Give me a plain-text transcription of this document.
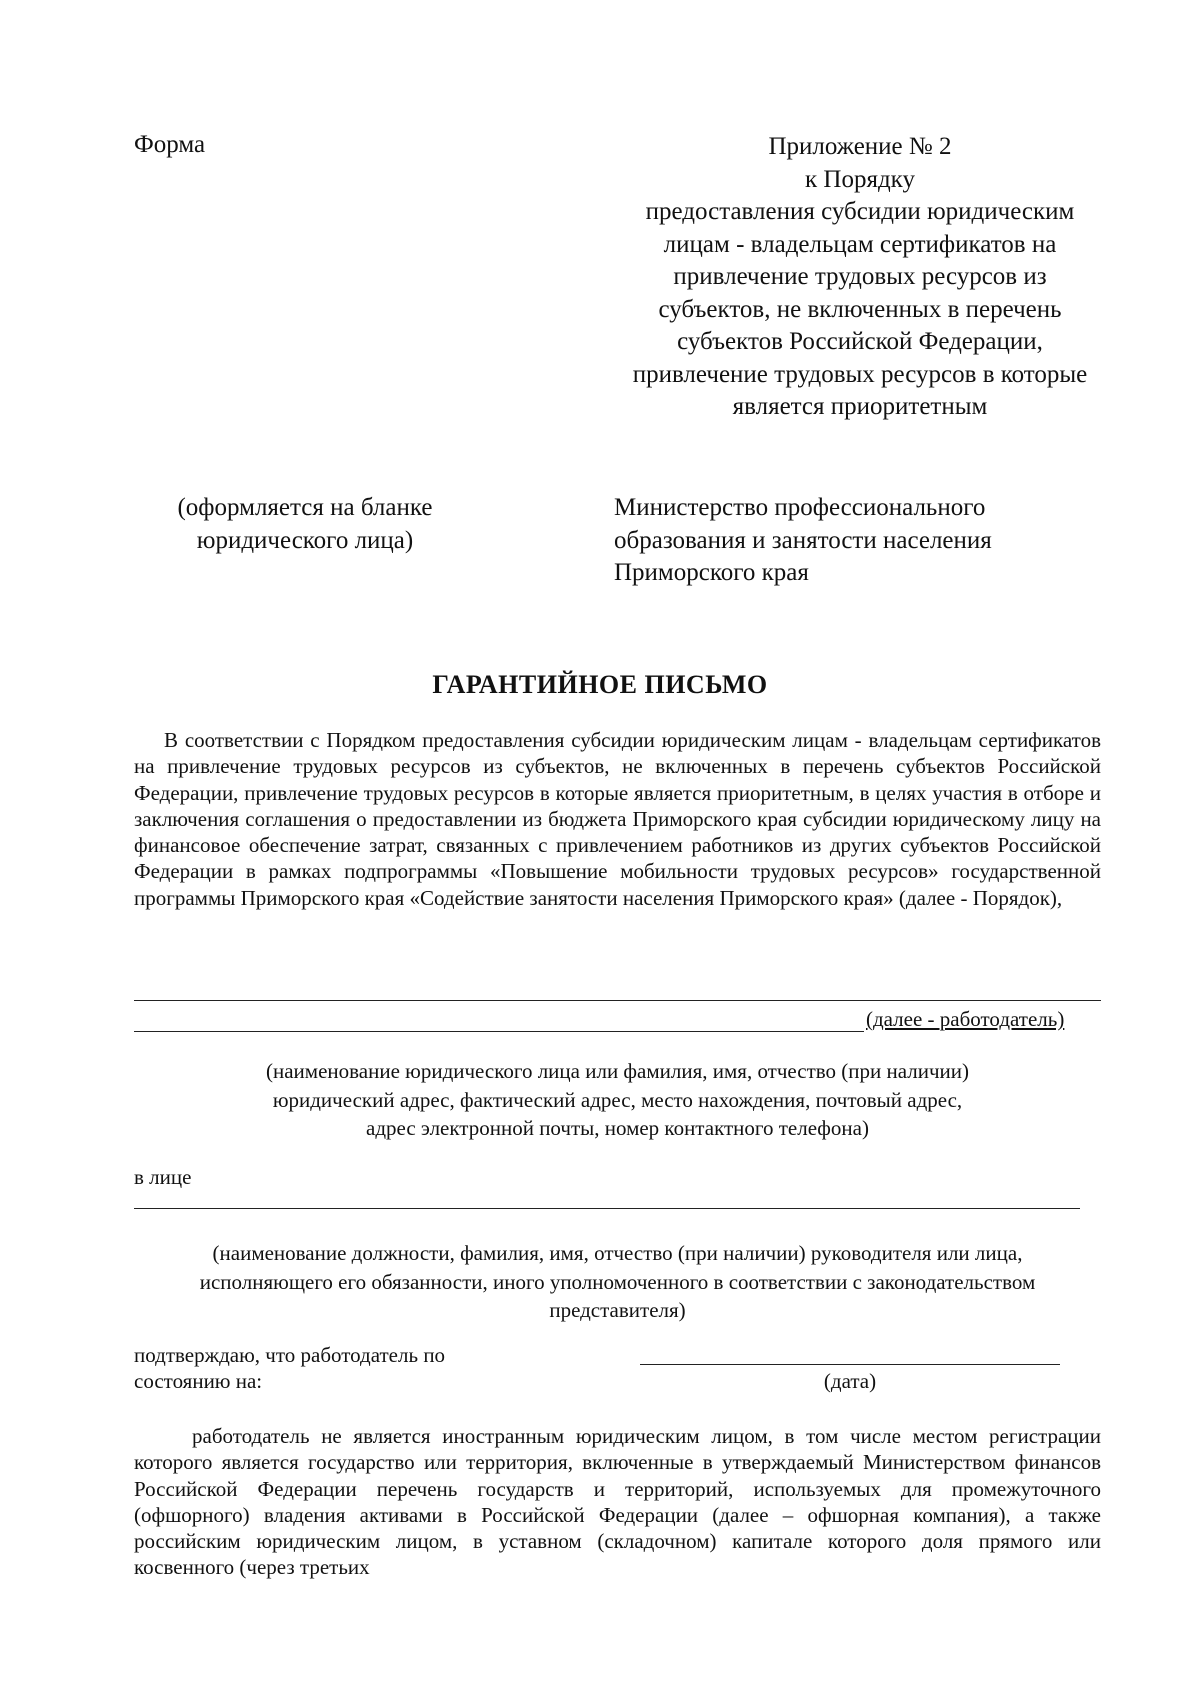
Форма	Приложение № 2
к Порядку
предоставления субсидии юридическим
лицам - владельцам сертификатов на
привлечение трудовых ресурсов из
субъектов, не включенных в перечень
субъектов Российской Федерации,
привлечение трудовых ресурсов в которые
является приоритетным
(оформляется на бланке
юридического лица)
Министерство профессионального
образования и занятости населения
Приморского края
ГАРАНТИЙНОЕ ПИСЬМО
В соответствии с Порядком предоставления субсидии юридическим лицам - владельцам сертификатов на привлечение трудовых ресурсов из субъектов, не включенных в перечень субъектов Российской Федерации, привлечение трудовых ресурсов в которые является приоритетным, в целях участия в отборе и заключения соглашения о предоставлении из бюджета Приморского края субсидии юридическому лицу на финансовое обеспечение затрат, связанных с привлечением работников из других субъектов Российской Федерации в рамках подпрограммы «Повышение мобильности трудовых ресурсов» государственной программы Приморского края «Содействие занятости населения Приморского края» (далее - Порядок),
(далее - работодатель)
(наименование юридического лица или фамилия, имя, отчество (при наличии)
юридический адрес, фактический адрес, место нахождения, почтовый адрес,
адрес электронной почты, номер контактного телефона)
в лице
(наименование должности, фамилия, имя, отчество (при наличии) руководителя или лица,
исполняющего его обязанности, иного уполномоченного в соответствии с законодательством
представителя)
подтверждаю, что работодатель по
состоянию на:	(дата)
работодатель не является иностранным юридическим лицом, в том числе местом регистрации которого является государство или территория, включенные в утверждаемый Министерством финансов Российской Федерации перечень государств и территорий, используемых для промежуточного (офшорного) владения активами в Российской Федерации (далее – офшорная компания), а также российским юридическим лицом, в уставном (складочном) капитале которого доля прямого или косвенного (через третьих
